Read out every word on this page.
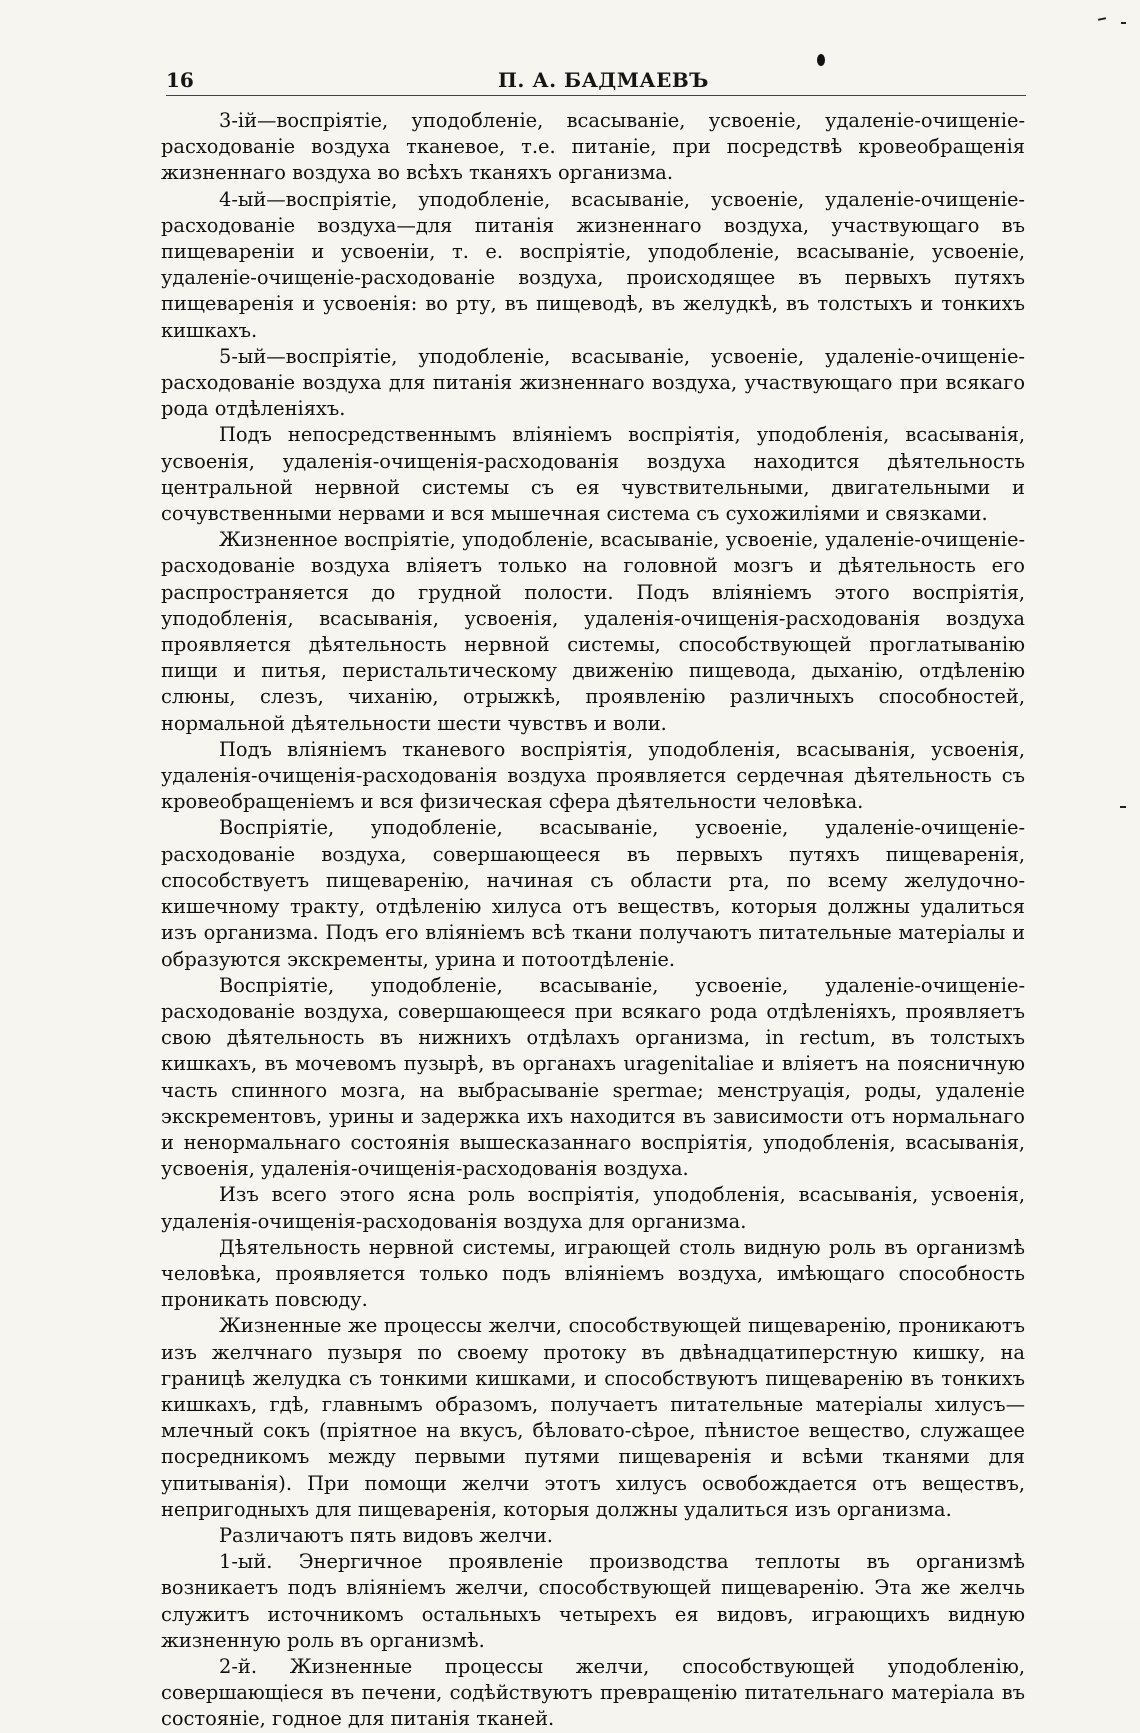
16	П. А. БАДМАЕВЪ

3-ій—воспріятіе, уподобленіе, всасываніе, усвоеніе, удаленіе-очищеніе-расходованіе воздуха тканевое, т.е. питаніе, при посредствѣ кровеобращенія жизненнаго воздуха во всѣхъ тканяхъ организма.

4-ый—воспріятіе, уподобленіе, всасываніе, усвоеніе, удаленіе-очищеніе-расходованіе воздуха—для питанія жизненнаго воздуха, участвующаго въ пищевареніи и усвоеніи, т. е. воспріятіе, уподобленіе, всасываніе, усвоеніе, удаленіе-очищеніе-расходованіе воздуха, происходящее въ первыхъ путяхъ пищеваренія и усвоенія: во рту, въ пищеводѣ, въ желудкѣ, въ толстыхъ и тонкихъ кишкахъ.

5-ый—воспріятіе, уподобленіе, всасываніе, усвоеніе, удаленіе-очищеніе-расходованіе воздуха для питанія жизненнаго воздуха, участвующаго при всякаго рода отдѣленіяхъ.

Подъ непосредственнымъ вліяніемъ воспріятія, уподобленія, всасыванія, усвоенія, удаленія-очищенія-расходованія воздуха находится дѣятельность центральной нервной системы съ ея чувствительными, двигательными и сочувственными нервами и вся мышечная система съ сухожиліями и связками.

Жизненное воспріятіе, уподобленіе, всасываніе, усвоеніе, удаленіе-очищеніе-расходованіе воздуха вліяетъ только на головной мозгъ и дѣятельность его распространяется до грудной полости. Подъ вліяніемъ этого воспріятія, уподобленія, всасыванія, усвоенія, удаленія-очищенія-расходованія воздуха проявляется дѣятельность нервной системы, способствующей проглатыванію пищи и питья, перистальтическому движенію пищевода, дыханію, отдѣленію слюны, слезъ, чиханію, отрыжкѣ, проявленію различныхъ способностей, нормальной дѣятельности шести чувствъ и воли.

Подъ вліяніемъ тканевого воспріятія, уподобленія, всасыванія, усвоенія, удаленія-очищенія-расходованія воздуха проявляется сердечная дѣятельность съ кровеобращеніемъ и вся физическая сфера дѣятельности человѣка.

Воспріятіе, уподобленіе, всасываніе, усвоеніе, удаленіе-очищеніе-расходованіе воздуха, совершающееся въ первыхъ путяхъ пищеваренія, способствуетъ пищеваренію, начиная съ области рта, по всему желудочно-кишечному тракту, отдѣленію хилуса отъ веществъ, которыя должны удалиться изъ организма. Подъ его вліяніемъ всѣ ткани получаютъ питательные матеріалы и образуются экскременты, урина и потоотдѣленіе.

Воспріятіе, уподобленіе, всасываніе, усвоеніе, удаленіе-очищеніе-расходованіе воздуха, совершающееся при всякаго рода отдѣленіяхъ, проявляетъ свою дѣятельность въ нижнихъ отдѣлахъ организма, in rectum, въ толстыхъ кишкахъ, въ мочевомъ пузырѣ, въ органахъ uragenitaliae и вліяетъ на поясничную часть спинного мозга, на выбрасываніе spermae; менструація, роды, удаленіе экскрементовъ, урины и задержка ихъ находится въ зависимости отъ нормальнаго и ненормальнаго состоянія вышесказаннаго воспріятія, уподобленія, всасыванія, усвоенія, удаленія-очищенія-расходованія воздуха.

Изъ всего этого ясна роль воспріятія, уподобленія, всасыванія, усвоенія, удаленія-очищенія-расходованія воздуха для организма.

Дѣятельность нервной системы, играющей столь видную роль въ организмѣ человѣка, проявляется только подъ вліяніемъ воздуха, имѣющаго способность проникать повсюду.

Жизненные же процессы желчи, способствующей пищеваренію, проникаютъ изъ желчнаго пузыря по своему протоку въ двѣнадцатиперстную кишку, на границѣ желудка съ тонкими кишками, и способствуютъ пищеваренію въ тонкихъ кишкахъ, гдѣ, главнымъ образомъ, получаетъ питательные матеріалы хилусъ—млечный сокъ (пріятное на вкусъ, бѣловато-сѣрое, пѣнистое вещество, служащее посредникомъ между первыми путями пищеваренія и всѣми тканями для упитыванія). При помощи желчи этотъ хилусъ освобождается отъ веществъ, непригодныхъ для пищеваренія, которыя должны удалиться изъ организма.

Различаютъ пять видовъ желчи.

1-ый. Энергичное проявленіе производства теплоты въ организмѣ возникаетъ подъ вліяніемъ желчи, способствующей пищеваренію. Эта же желчь служитъ источникомъ остальныхъ четырехъ ея видовъ, играющихъ видную жизненную роль въ организмѣ.

2-й. Жизненные процессы желчи, способствующей уподобленію, совершающіеся въ печени, содѣйствуютъ превращенію питательнаго матеріала въ состояніе, годное для питанія тканей.
